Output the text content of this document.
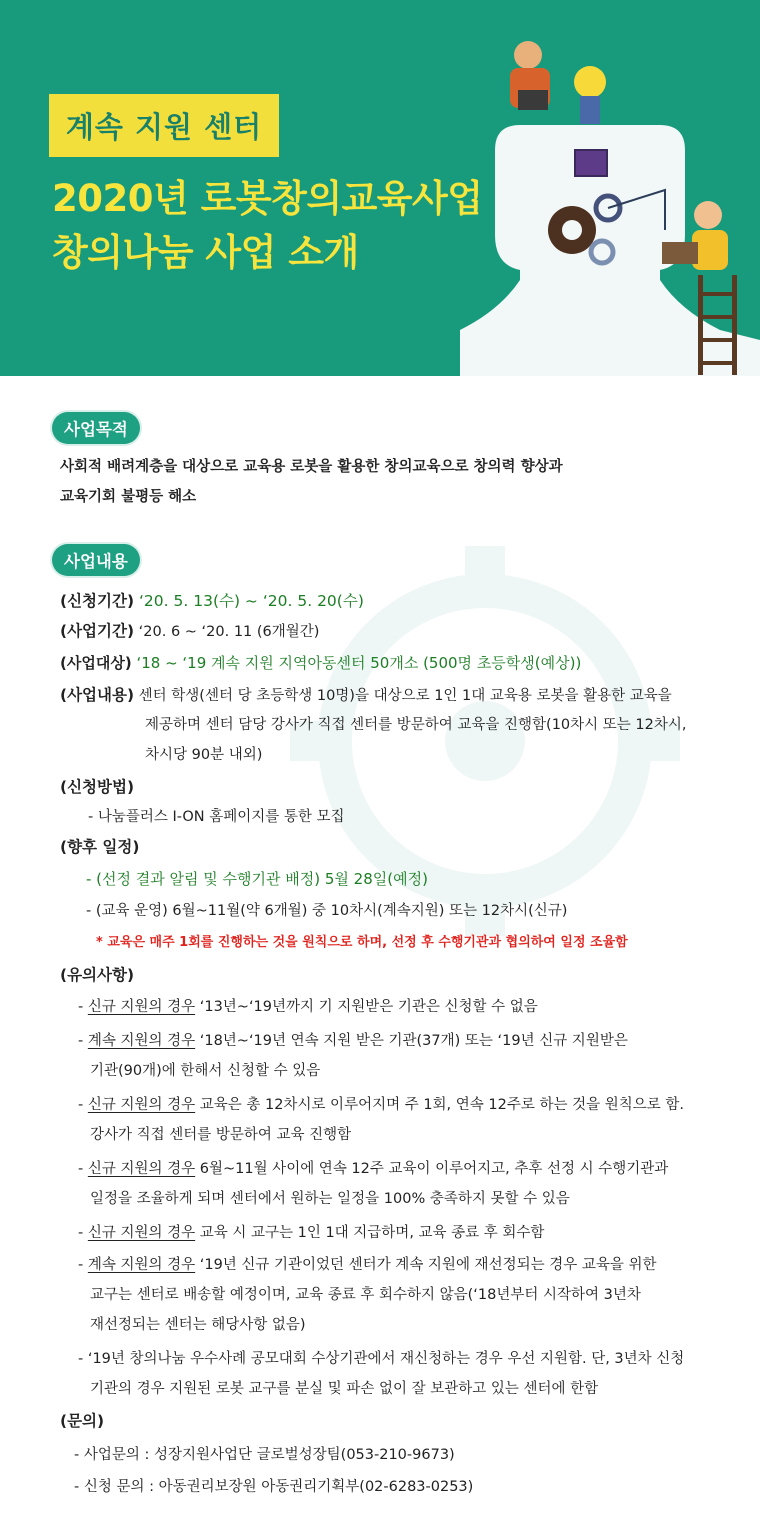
계속 지원 센터
2020년 로봇창의교육사업
창의나눔 사업 소개
사업목적
사회적 배려계층을 대상으로 교육용 로봇을 활용한 창의교육으로 창의력 향상과
교육기회 불평등 해소
사업내용
(신청기간) ‘20. 5. 13(수) ~ ‘20. 5. 20(수)
(사업기간) ‘20. 6 ~ ‘20. 11 (6개월간)
(사업대상) ‘18 ~ ‘19 계속 지원 지역아동센터 50개소 (500명 초등학생(예상))
(사업내용) 센터 학생(센터 당 초등학생 10명)을 대상으로 1인 1대 교육용 로봇을 활용한 교육을
제공하며 센터 담당 강사가 직접 센터를 방문하여 교육을 진행함(10차시 또는 12차시,
차시당 90분 내외)
(신청방법)
- 나눔플러스 I-ON 홈페이지를 통한 모집
(향후 일정)
- (선정 결과 알림 및 수행기관 배정) 5월 28일(예정)
- (교육 운영) 6월~11월(약 6개월) 중 10차시(계속지원) 또는 12차시(신규)
* 교육은 매주 1회를 진행하는 것을 원칙으로 하며, 선정 후 수행기관과 협의하여 일정 조율함
(유의사항)
- 신규 지원의 경우 ‘13년~‘19년까지 기 지원받은 기관은 신청할 수 없음
- 계속 지원의 경우 ‘18년~‘19년 연속 지원 받은 기관(37개) 또는 ‘19년 신규 지원받은
기관(90개)에 한해서 신청할 수 있음
- 신규 지원의 경우 교육은 총 12차시로 이루어지며 주 1회, 연속 12주로 하는 것을 원칙으로 함.
강사가 직접 센터를 방문하여 교육 진행함
- 신규 지원의 경우 6월~11월 사이에 연속 12주 교육이 이루어지고, 추후 선정 시 수행기관과
일정을 조율하게 되며 센터에서 원하는 일정을 100% 충족하지 못할 수 있음
- 신규 지원의 경우 교육 시 교구는 1인 1대 지급하며, 교육 종료 후 회수함
- 계속 지원의 경우 ‘19년 신규 기관이었던 센터가 계속 지원에 재선정되는 경우 교육을 위한
교구는 센터로 배송할 예정이며, 교육 종료 후 회수하지 않음(‘18년부터 시작하여 3년차
재선정되는 센터는 해당사항 없음)
- ‘19년 창의나눔 우수사례 공모대회 수상기관에서 재신청하는 경우 우선 지원함. 단, 3년차 신청
기관의 경우 지원된 로봇 교구를 분실 및 파손 없이 잘 보관하고 있는 센터에 한함
(문의)
- 사업문의 : 성장지원사업단 글로벌성장팀(053-210-9673)
- 신청 문의 : 아동권리보장원 아동권리기획부(02-6283-0253)
